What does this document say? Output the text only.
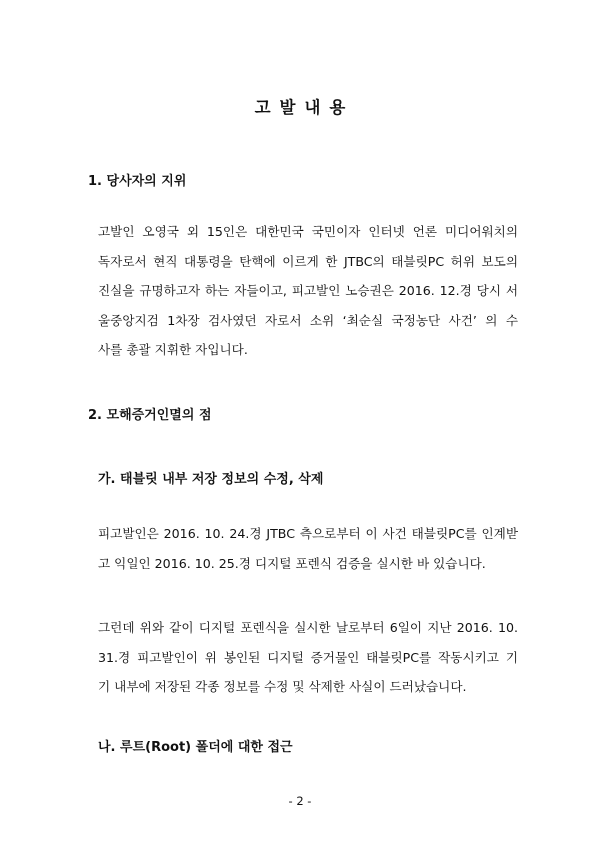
고발내용
1. 당사자의 지위
고발인 오영국 외 15인은 대한민국 국민이자 인터넷 언론 미디어워치의
독자로서 현직 대통령을 탄핵에 이르게 한 JTBC의 태블릿PC 허위 보도의
진실을 규명하고자 하는 자들이고, 피고발인 노승권은 2016. 12.경 당시 서
울중앙지검 1차장 검사였던 자로서 소위 ‘최순실 국정농단 사건’ 의 수
사를 총괄 지휘한 자입니다.
2. 모해증거인멸의 점
가. 태블릿 내부 저장 정보의 수정, 삭제
피고발인은 2016. 10. 24.경 JTBC 측으로부터 이 사건 태블릿PC를 인계받
고 익일인 2016. 10. 25.경 디지털 포렌식 검증을 실시한 바 있습니다.
그런데 위와 같이 디지털 포렌식을 실시한 날로부터 6일이 지난 2016. 10.
31.경 피고발인이 위 봉인된 디지털 증거물인 태블릿PC를 작동시키고 기
기 내부에 저장된 각종 정보를 수정 및 삭제한 사실이 드러났습니다.
나. 루트(Root) 폴더에 대한 접근
- 2 -
